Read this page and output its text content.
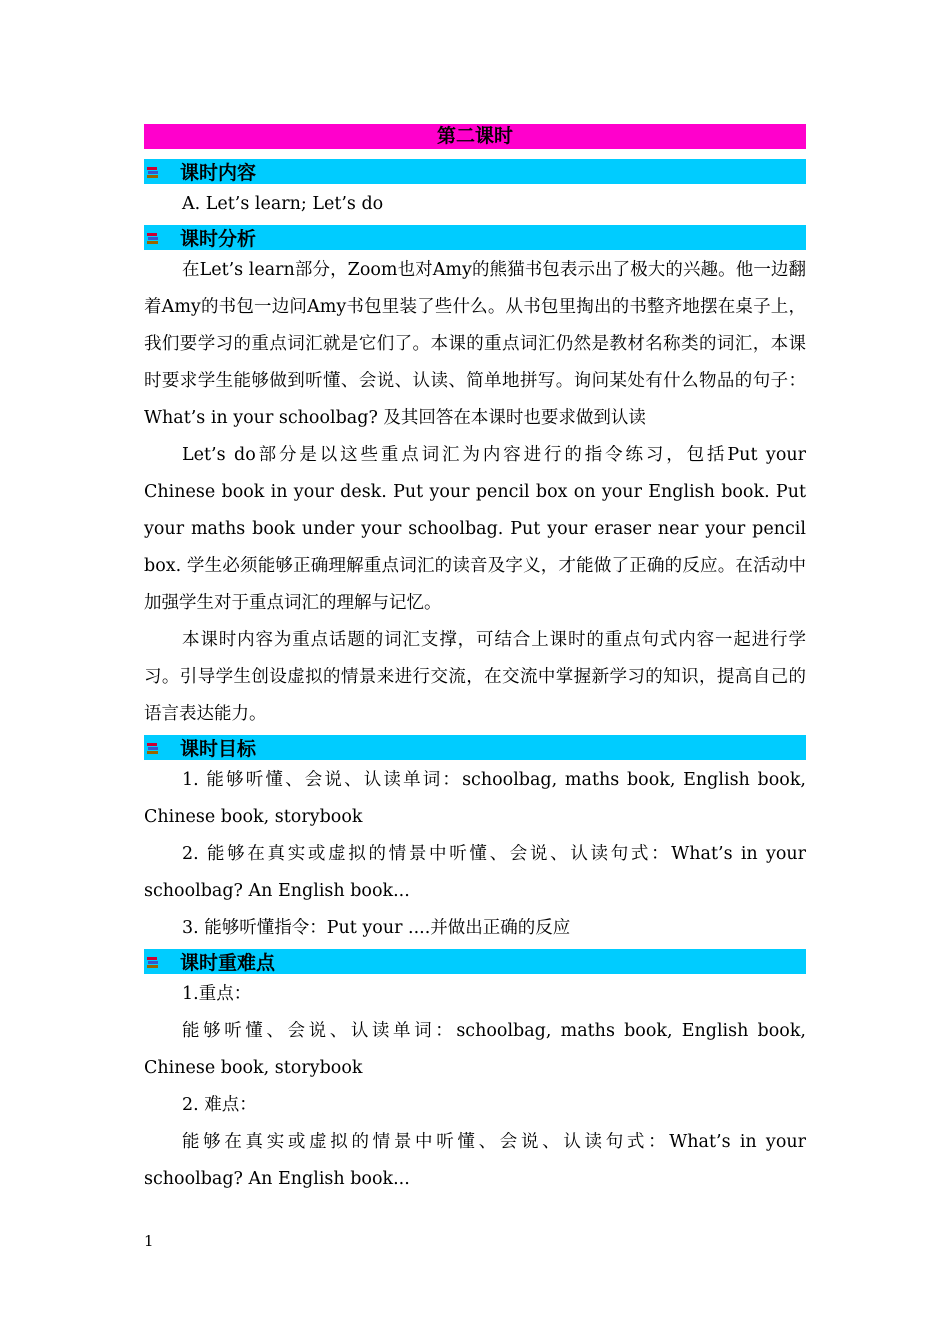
第二课时
课时内容

A. Let’s learn; Let’s do

课时分析

在Let’s learn部分，Zoom也对Amy的熊猫书包表示出了极大的兴趣。他一边翻着Amy的书包一边问Amy书包里装了些什么。从书包里掏出的书整齐地摆在桌子上，我们要学习的重点词汇就是它们了。本课的重点词汇仍然是教材名称类的词汇，本课时要求学生能够做到听懂、会说、认读、简单地拼写。询问某处有什么物品的句子：What’s in your schoolbag? 及其回答在本课时也要求做到认读

Let’s do部分是以这些重点词汇为内容进行的指令练习，包括Put your Chinese book in your desk. Put your pencil box on your English book. Put your maths book under your schoolbag. Put your eraser near your pencil box. 学生必须能够正确理解重点词汇的读音及字义，才能做了正确的反应。在活动中加强学生对于重点词汇的理解与记忆。

本课时内容为重点话题的词汇支撑，可结合上课时的重点句式内容一起进行学习。引导学生创设虚拟的情景来进行交流，在交流中掌握新学习的知识，提高自己的语言表达能力。

课时目标

1. 能够听懂、会说、认读单词：schoolbag, maths book, English book, Chinese book, storybook

2. 能够在真实或虚拟的情景中听懂、会说、认读句式：What’s in your schoolbag? An English book...

3. 能够听懂指令：Put your ....并做出正确的反应

课时重难点

1.重点：

能够听懂、会说、认读单词：schoolbag, maths book, English book, Chinese book, storybook

2. 难点：

能够在真实或虚拟的情景中听懂、会说、认读句式：What’s in your schoolbag? An English book...

1
